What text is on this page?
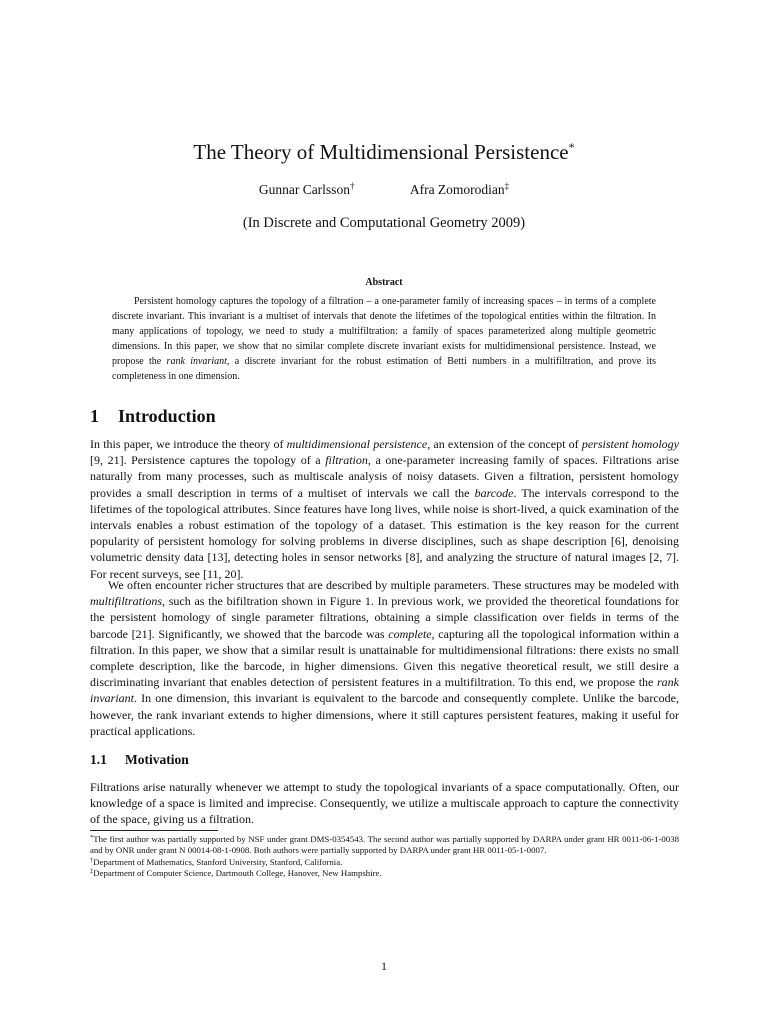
The Theory of Multidimensional Persistence*
Gunnar Carlsson†	Afra Zomorodian‡
(In Discrete and Computational Geometry 2009)
Abstract

Persistent homology captures the topology of a filtration – a one-parameter family of increasing spaces – in terms of a complete discrete invariant. This invariant is a multiset of intervals that denote the lifetimes of the topological entities within the filtration. In many applications of topology, we need to study a multifiltration: a family of spaces parameterized along multiple geometric dimensions. In this paper, we show that no similar complete discrete invariant exists for multidimensional persistence. Instead, we propose the rank invariant, a discrete invariant for the robust estimation of Betti numbers in a multifiltration, and prove its completeness in one dimension.

1 Introduction

In this paper, we introduce the theory of multidimensional persistence, an extension of the concept of persistent homology [9, 21]. Persistence captures the topology of a filtration, a one-parameter increasing family of spaces. Filtrations arise naturally from many processes, such as multiscale analysis of noisy datasets. Given a filtration, persistent homology provides a small description in terms of a multiset of intervals we call the barcode. The intervals correspond to the lifetimes of the topological attributes. Since features have long lives, while noise is short-lived, a quick examination of the intervals enables a robust estimation of the topology of a dataset. This estimation is the key reason for the current popularity of persistent homology for solving problems in diverse disciplines, such as shape description [6], denoising volumetric density data [13], detecting holes in sensor networks [8], and analyzing the structure of natural images [2, 7]. For recent surveys, see [11, 20].

We often encounter richer structures that are described by multiple parameters. These structures may be modeled with multifiltrations, such as the bifiltration shown in Figure 1. In previous work, we provided the theoretical foundations for the persistent homology of single parameter filtrations, obtaining a simple classification over fields in terms of the barcode [21]. Significantly, we showed that the barcode was complete, capturing all the topological information within a filtration. In this paper, we show that a similar result is unattainable for multidimensional filtrations: there exists no small complete description, like the barcode, in higher dimensions. Given this negative theoretical result, we still desire a discriminating invariant that enables detection of persistent features in a multifiltration. To this end, we propose the rank invariant. In one dimension, this invariant is equivalent to the barcode and consequently complete. Unlike the barcode, however, the rank invariant extends to higher dimensions, where it still captures persistent features, making it useful for practical applications.

1.1 Motivation

Filtrations arise naturally whenever we attempt to study the topological invariants of a space computationally. Often, our knowledge of a space is limited and imprecise. Consequently, we utilize a multiscale approach to capture the connectivity of the space, giving us a filtration.

*The first author was partially supported by NSF under grant DMS-0354543. The second author was partially supported by DARPA under grant HR 0011-06-1-0038 and by ONR under grant N 00014-08-1-0908. Both authors were partially supported by DARPA under grant HR 0011-05-1-0007.

†Department of Mathematics, Stanford University, Stanford, California.

‡Department of Computer Science, Dartmouth College, Hanover, New Hampshire.

1
